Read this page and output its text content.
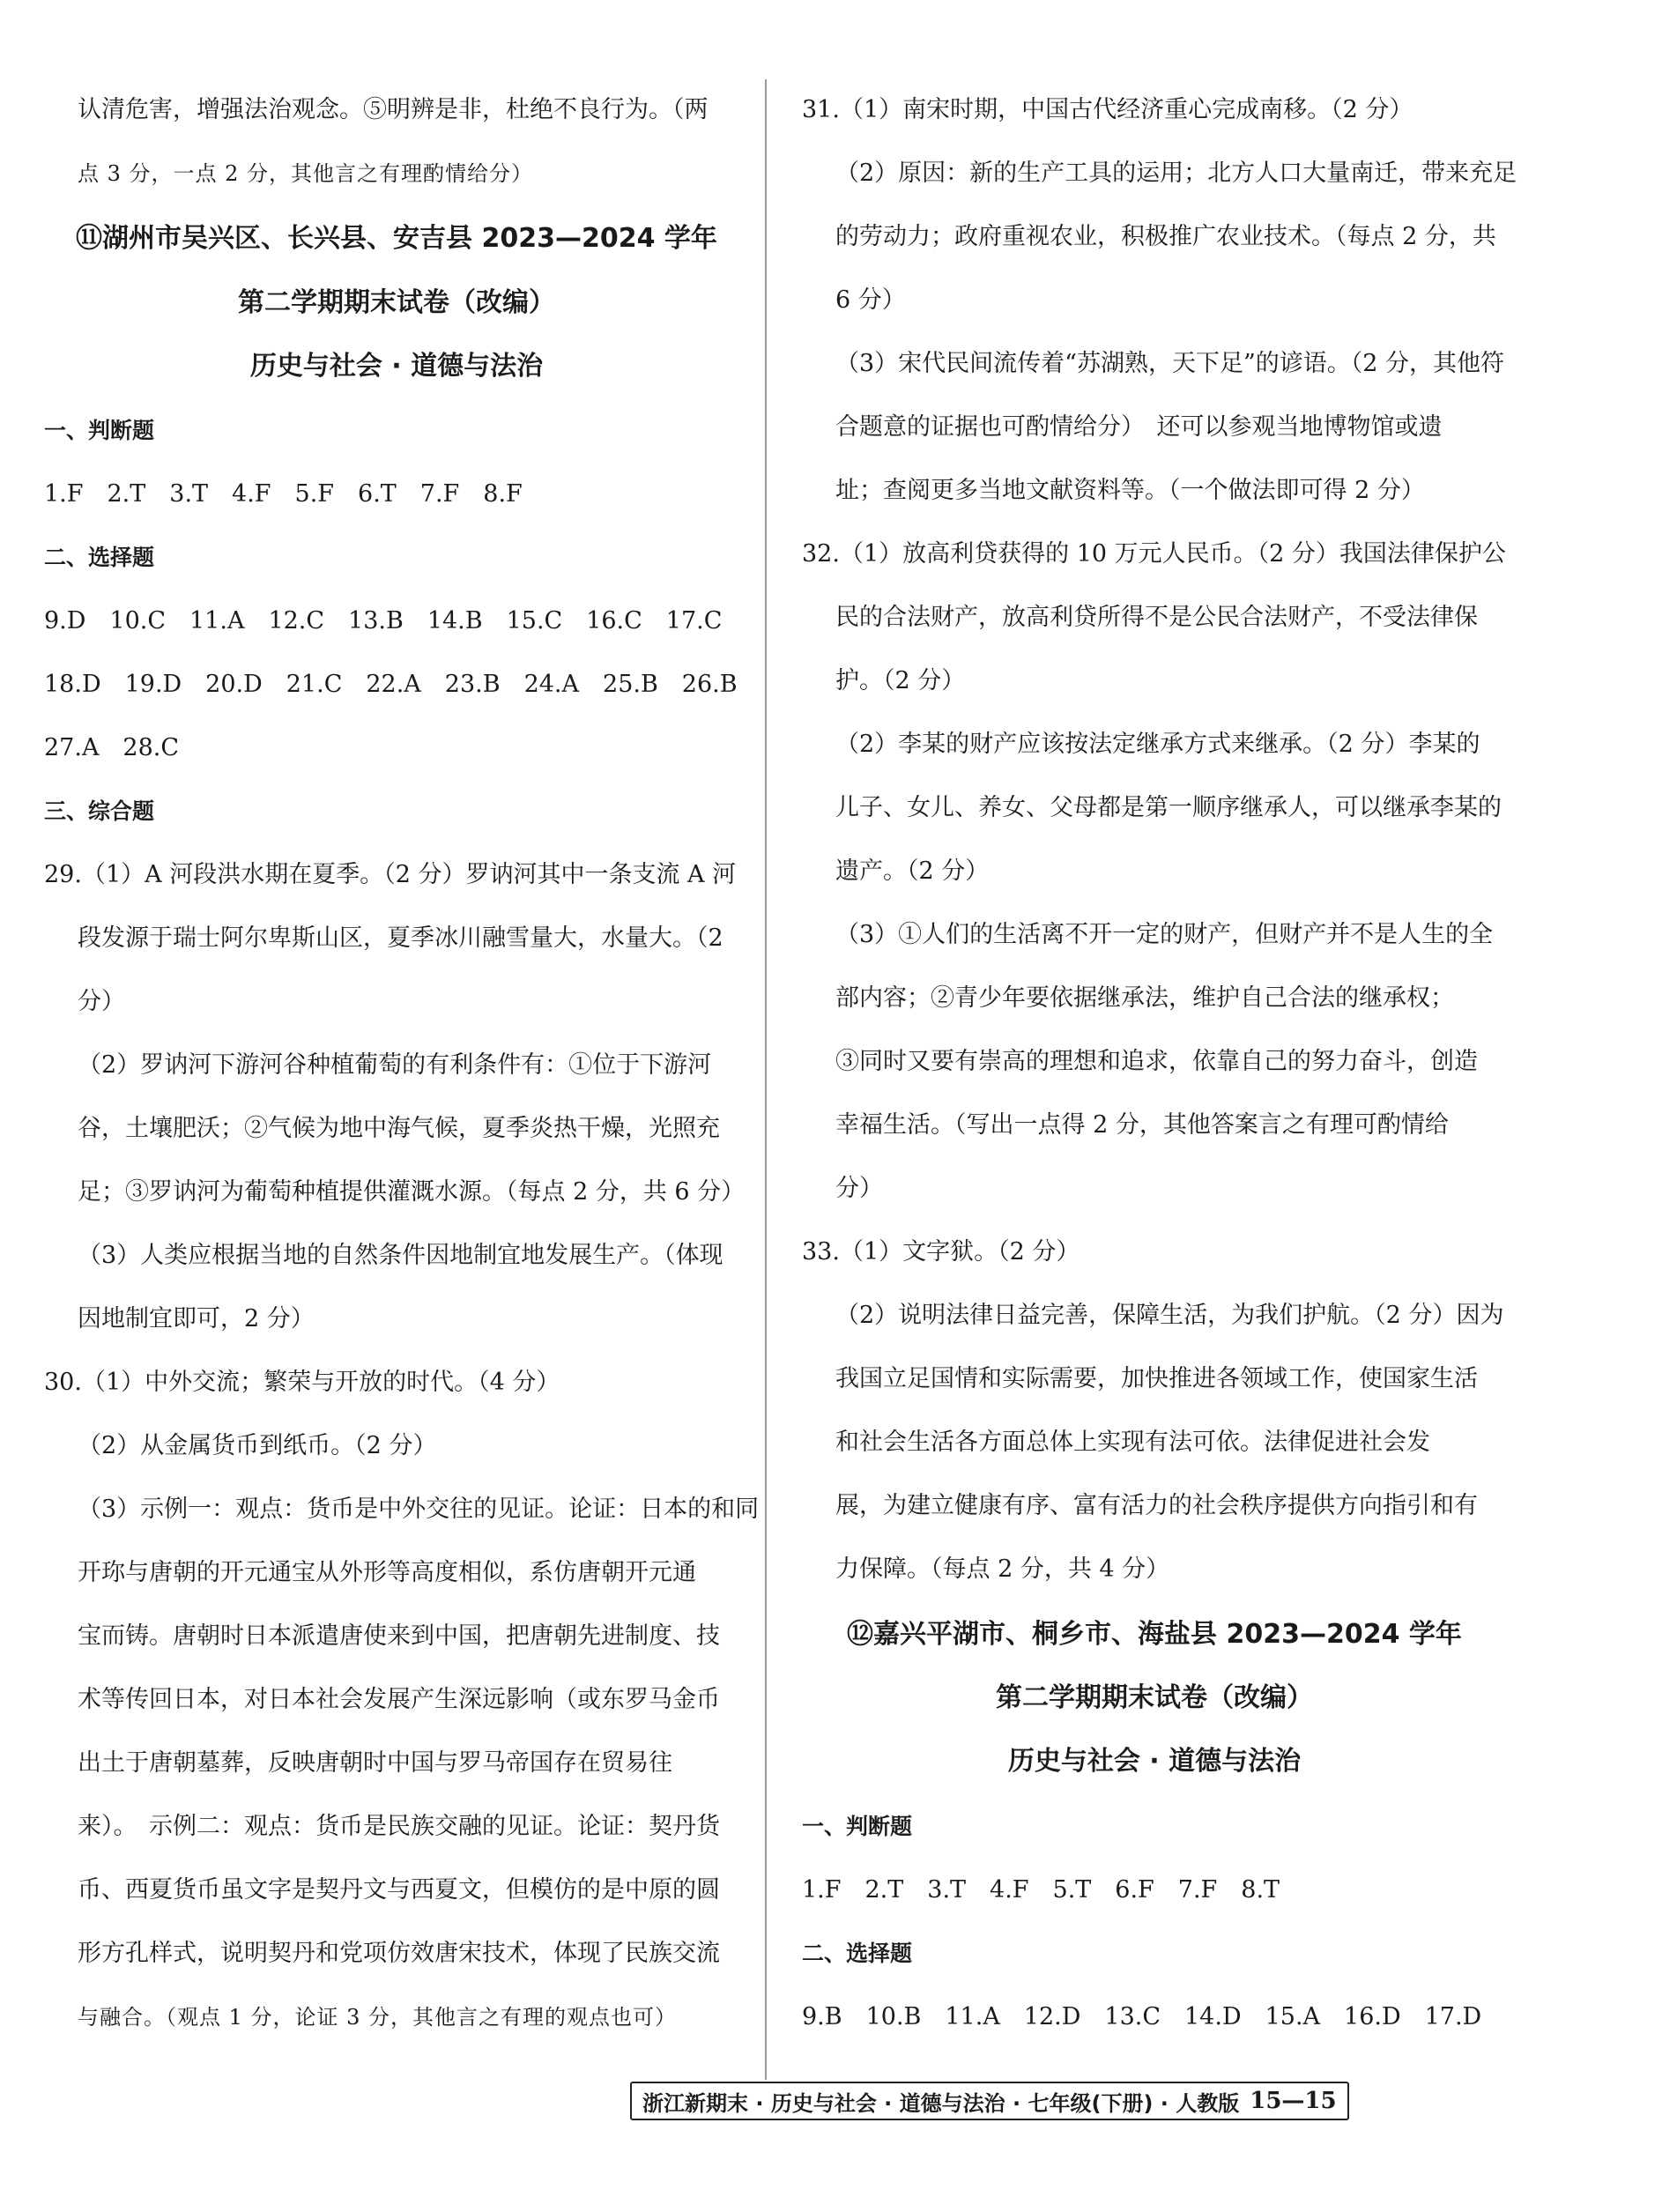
认清危害，增强法治观念。⑤明辨是非，杜绝不良行为。（两
点 3 分，一点 2 分，其他言之有理酌情给分）
⑪湖州市吴兴区、长兴县、安吉县 2023—2024 学年
第二学期期末试卷（改编）
历史与社会 · 道德与法治
一、判断题
1.F　2.T　3.T　4.F　5.F　6.T　7.F　8.F
二、选择题
9.D　10.C　11.A　12.C　13.B　14.B　15.C　16.C　17.C
18.D　19.D　20.D　21.C　22.A　23.B　24.A　25.B　26.B
27.A　28.C
三、综合题
29.（1）A 河段洪水期在夏季。（2 分）罗讷河其中一条支流 A 河
段发源于瑞士阿尔卑斯山区，夏季冰川融雪量大，水量大。（2
分）
（2）罗讷河下游河谷种植葡萄的有利条件有：①位于下游河
谷，土壤肥沃；②气候为地中海气候，夏季炎热干燥，光照充
足；③罗讷河为葡萄种植提供灌溉水源。（每点 2 分，共 6 分）
（3）人类应根据当地的自然条件因地制宜地发展生产。（体现
因地制宜即可，2 分）
30.（1）中外交流；繁荣与开放的时代。（4 分）
（2）从金属货币到纸币。（2 分）
（3）示例一：观点：货币是中外交往的见证。论证：日本的和同
开珎与唐朝的开元通宝从外形等高度相似，系仿唐朝开元通
宝而铸。唐朝时日本派遣唐使来到中国，把唐朝先进制度、技
术等传回日本，对日本社会发展产生深远影响（或东罗马金币
出土于唐朝墓葬，反映唐朝时中国与罗马帝国存在贸易往
来）。　示例二：观点：货币是民族交融的见证。论证：契丹货
币、西夏货币虽文字是契丹文与西夏文，但模仿的是中原的圆
形方孔样式，说明契丹和党项仿效唐宋技术，体现了民族交流
与融合。（观点 1 分，论证 3 分，其他言之有理的观点也可）
31.（1）南宋时期，中国古代经济重心完成南移。（2 分）
（2）原因：新的生产工具的运用；北方人口大量南迁，带来充足
的劳动力；政府重视农业，积极推广农业技术。（每点 2 分，共
6 分）
（3）宋代民间流传着“苏湖熟，天下足”的谚语。（2 分，其他符
合题意的证据也可酌情给分）　还可以参观当地博物馆或遗
址；查阅更多当地文献资料等。（一个做法即可得 2 分）
32.（1）放高利贷获得的 10 万元人民币。（2 分）我国法律保护公
民的合法财产，放高利贷所得不是公民合法财产，不受法律保
护。（2 分）
（2）李某的财产应该按法定继承方式来继承。（2 分）李某的
儿子、女儿、养女、父母都是第一顺序继承人，可以继承李某的
遗产。（2 分）
（3）①人们的生活离不开一定的财产，但财产并不是人生的全
部内容；②青少年要依据继承法，维护自己合法的继承权；
③同时又要有崇高的理想和追求，依靠自己的努力奋斗，创造
幸福生活。（写出一点得 2 分，其他答案言之有理可酌情给
分）
33.（1）文字狱。（2 分）
（2）说明法律日益完善，保障生活，为我们护航。（2 分）因为
我国立足国情和实际需要，加快推进各领域工作，使国家生活
和社会生活各方面总体上实现有法可依。法律促进社会发
展，为建立健康有序、富有活力的社会秩序提供方向指引和有
力保障。（每点 2 分，共 4 分）
⑫嘉兴平湖市、桐乡市、海盐县 2023—2024 学年
第二学期期末试卷（改编）
历史与社会 · 道德与法治
一、判断题
1.F　2.T　3.T　4.F　5.T　6.F　7.F　8.T
二、选择题
9.B　10.B　11.A　12.D　13.C　14.D　15.A　16.D　17.D
浙江新期末 · 历史与社会 · 道德与法治 · 七年级(下册) · 人教版 15—15
